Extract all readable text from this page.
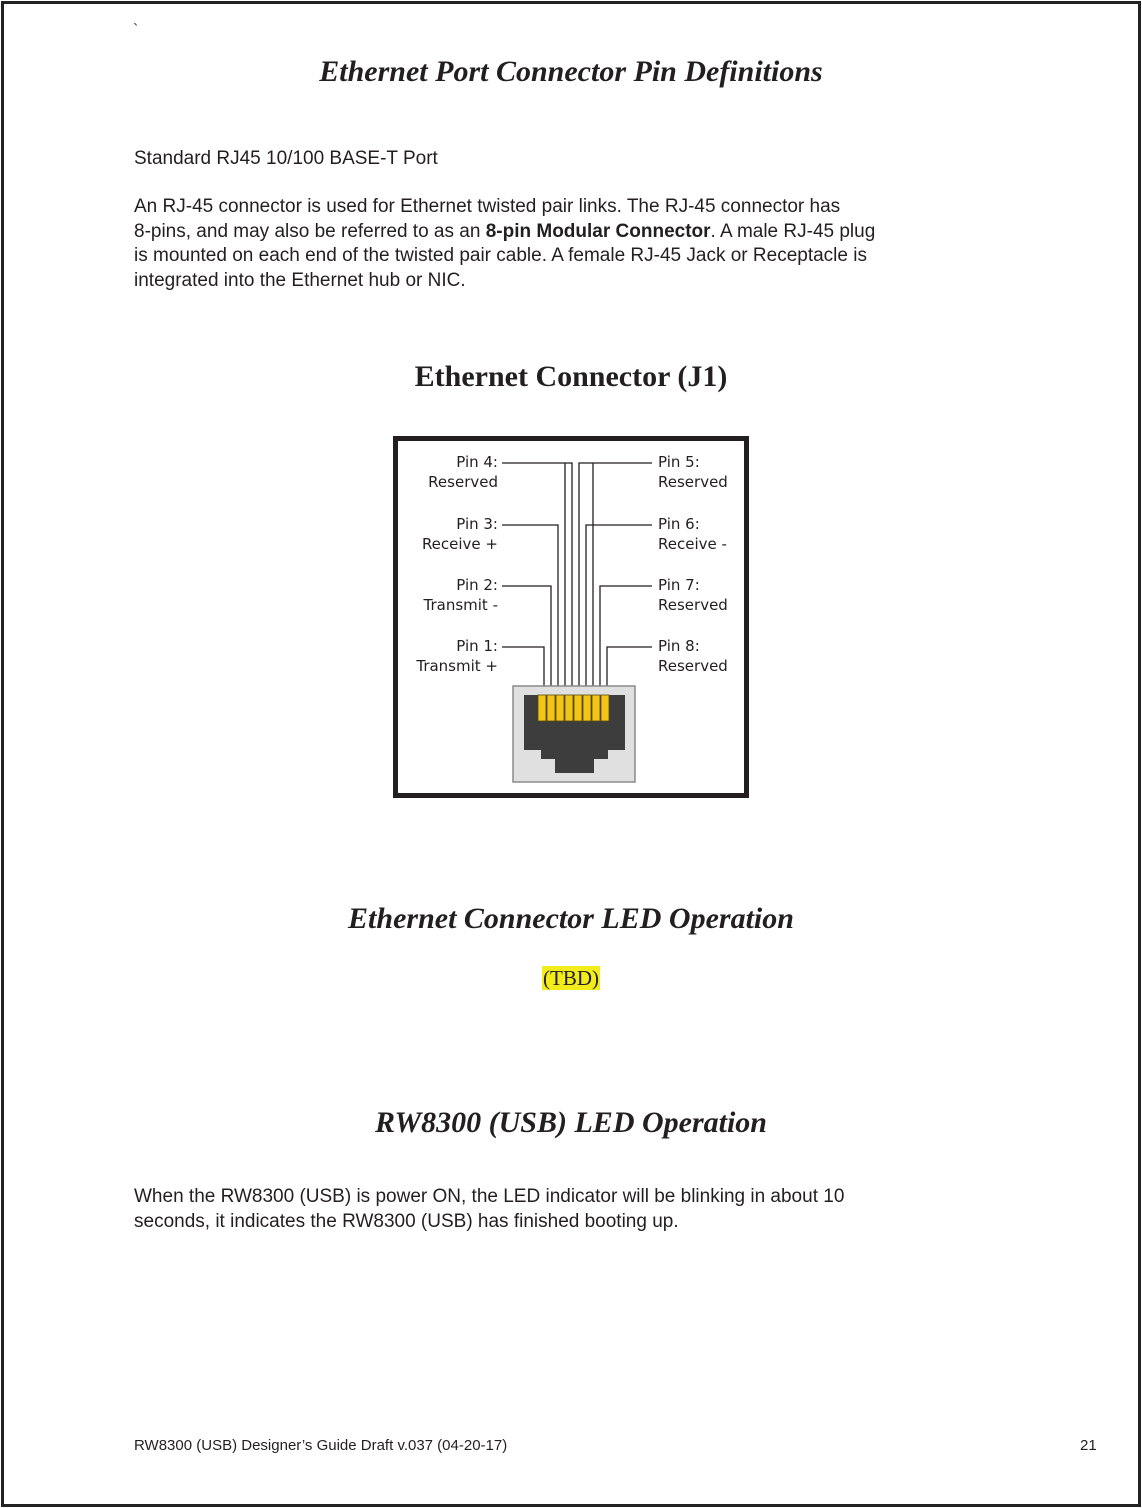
`
Ethernet Port Connector Pin Definitions
Standard RJ45 10/100 BASE-T Port
An RJ-45 connector is used for Ethernet twisted pair links. The RJ-45 connector has
8-pins, and may also be referred to as an 8-pin Modular Connector. A male RJ-45 plug
is mounted on each end of the twisted pair cable. A female RJ-45 Jack or Receptacle is
integrated into the Ethernet hub or NIC.
Ethernet Connector (J1)
Pin 4:
Reserved
Pin 3:
Receive +
Pin 2:
Transmit -
Pin 1:
Transmit +
Pin 5:
Reserved
Pin 6:
Receive -
Pin 7:
Reserved
Pin 8:
Reserved
Ethernet Connector LED Operation
(TBD)
RW8300 (USB) LED Operation
When the RW8300 (USB) is power ON, the LED indicator will be blinking in about 10
seconds, it indicates the RW8300 (USB) has finished booting up.
RW8300 (USB) Designer’s Guide Draft v.037 (04-20-17)	21
